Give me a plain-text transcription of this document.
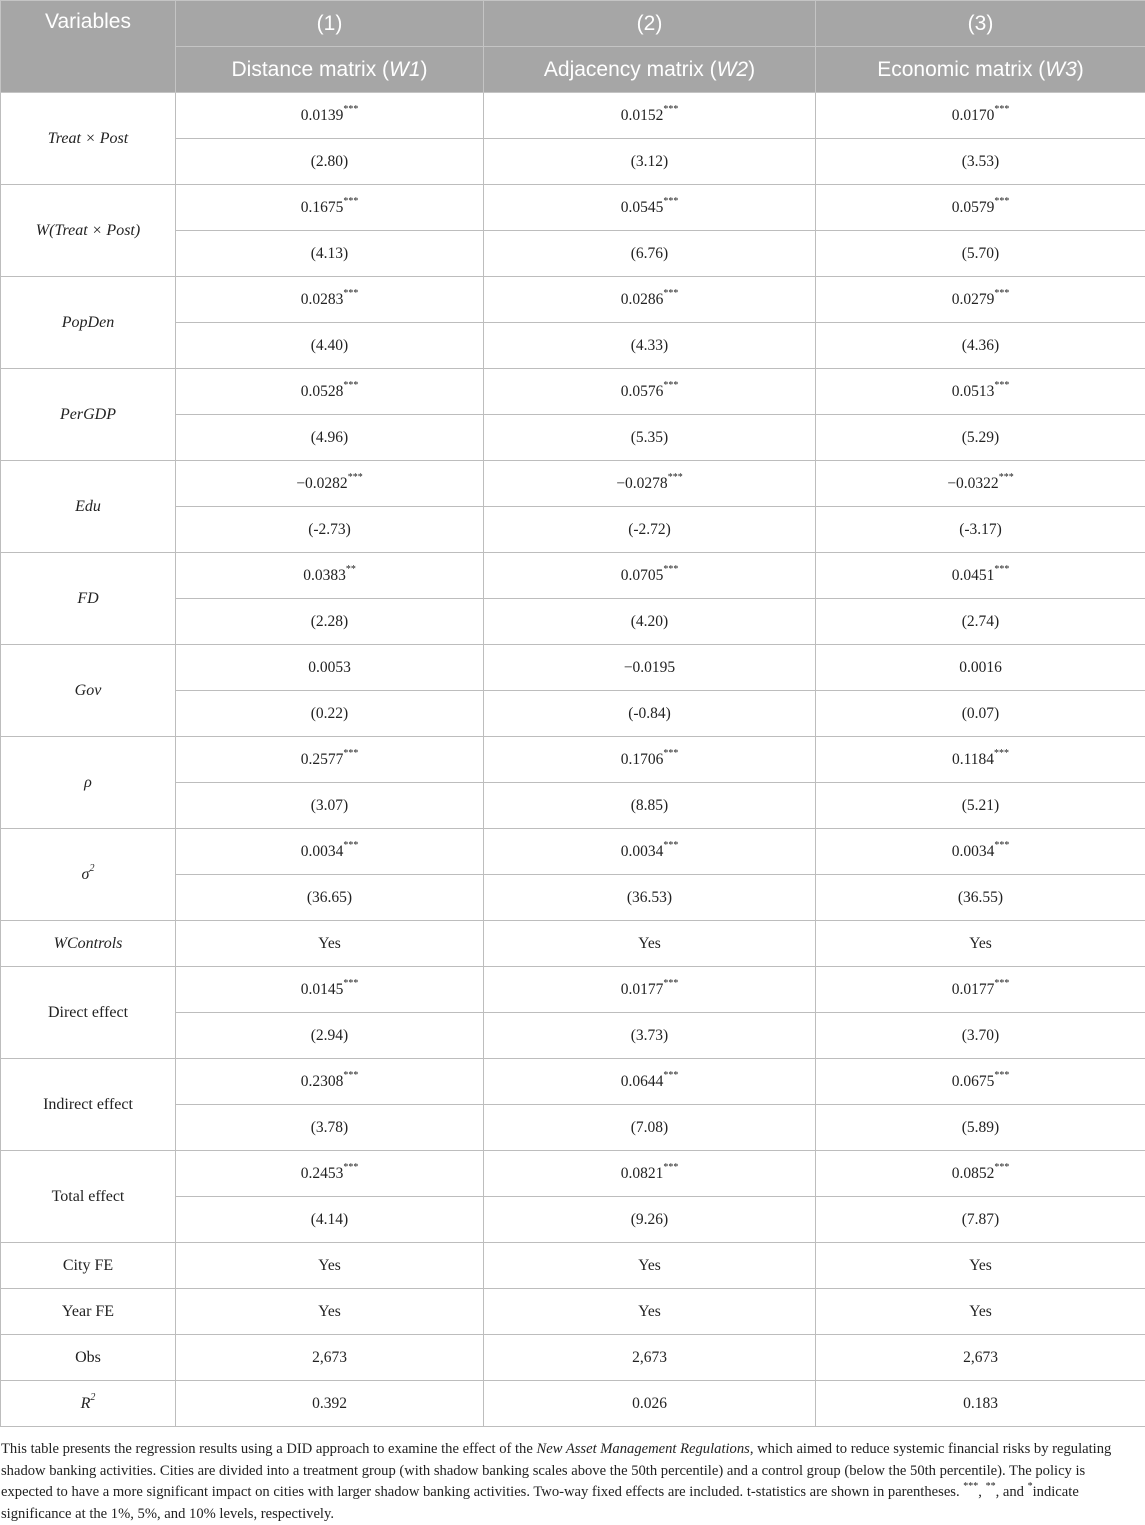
Variables	(1)	(2)	(3)
	Distance matrix (W1)	Adjacency matrix (W2)	Economic matrix (W3)
Treat × Post	0.0139***	0.0152***	0.0170***
	(2.80)	(3.12)	(3.53)
W(Treat × Post)	0.1675***	0.0545***	0.0579***
	(4.13)	(6.76)	(5.70)
PopDen	0.0283***	0.0286***	0.0279***
	(4.40)	(4.33)	(4.36)
PerGDP	0.0528***	0.0576***	0.0513***
	(4.96)	(5.35)	(5.29)
Edu	−0.0282***	−0.0278***	−0.0322***
	(-2.73)	(-2.72)	(-3.17)
FD	0.0383**	0.0705***	0.0451***
	(2.28)	(4.20)	(2.74)
Gov	0.0053	−0.0195	0.0016
	(0.22)	(-0.84)	(0.07)
ρ	0.2577***	0.1706***	0.1184***
	(3.07)	(8.85)	(5.21)
$\sigma^2$	0.0034***	0.0034***	0.0034***
	(36.65)	(36.53)	(36.55)
WControls	Yes	Yes	Yes
Direct effect	0.0145***	0.0177***	0.0177***
	(2.94)	(3.73)	(3.70)
Indirect effect	0.2308***	0.0644***	0.0675***
	(3.78)	(7.08)	(5.89)
Total effect	0.2453***	0.0821***	0.0852***
	(4.14)	(9.26)	(7.87)
City FE	Yes	Yes	Yes
Year FE	Yes	Yes	Yes
Obs	2,673	2,673	2,673
$R^2$	0.392	0.026	0.183

This table presents the regression results using a DID approach to examine the effect of the New Asset Management Regulations, which aimed to reduce systemic financial risks by regulating shadow banking activities. Cities are divided into a treatment group (with shadow banking scales above the 50th percentile) and a control group (below the 50th percentile). The policy is expected to have a more significant impact on cities with larger shadow banking activities. Two-way fixed effects are included. t-statistics are shown in parentheses. ***, **, and *indicate significance at the 1%, 5%, and 10% levels, respectively.
